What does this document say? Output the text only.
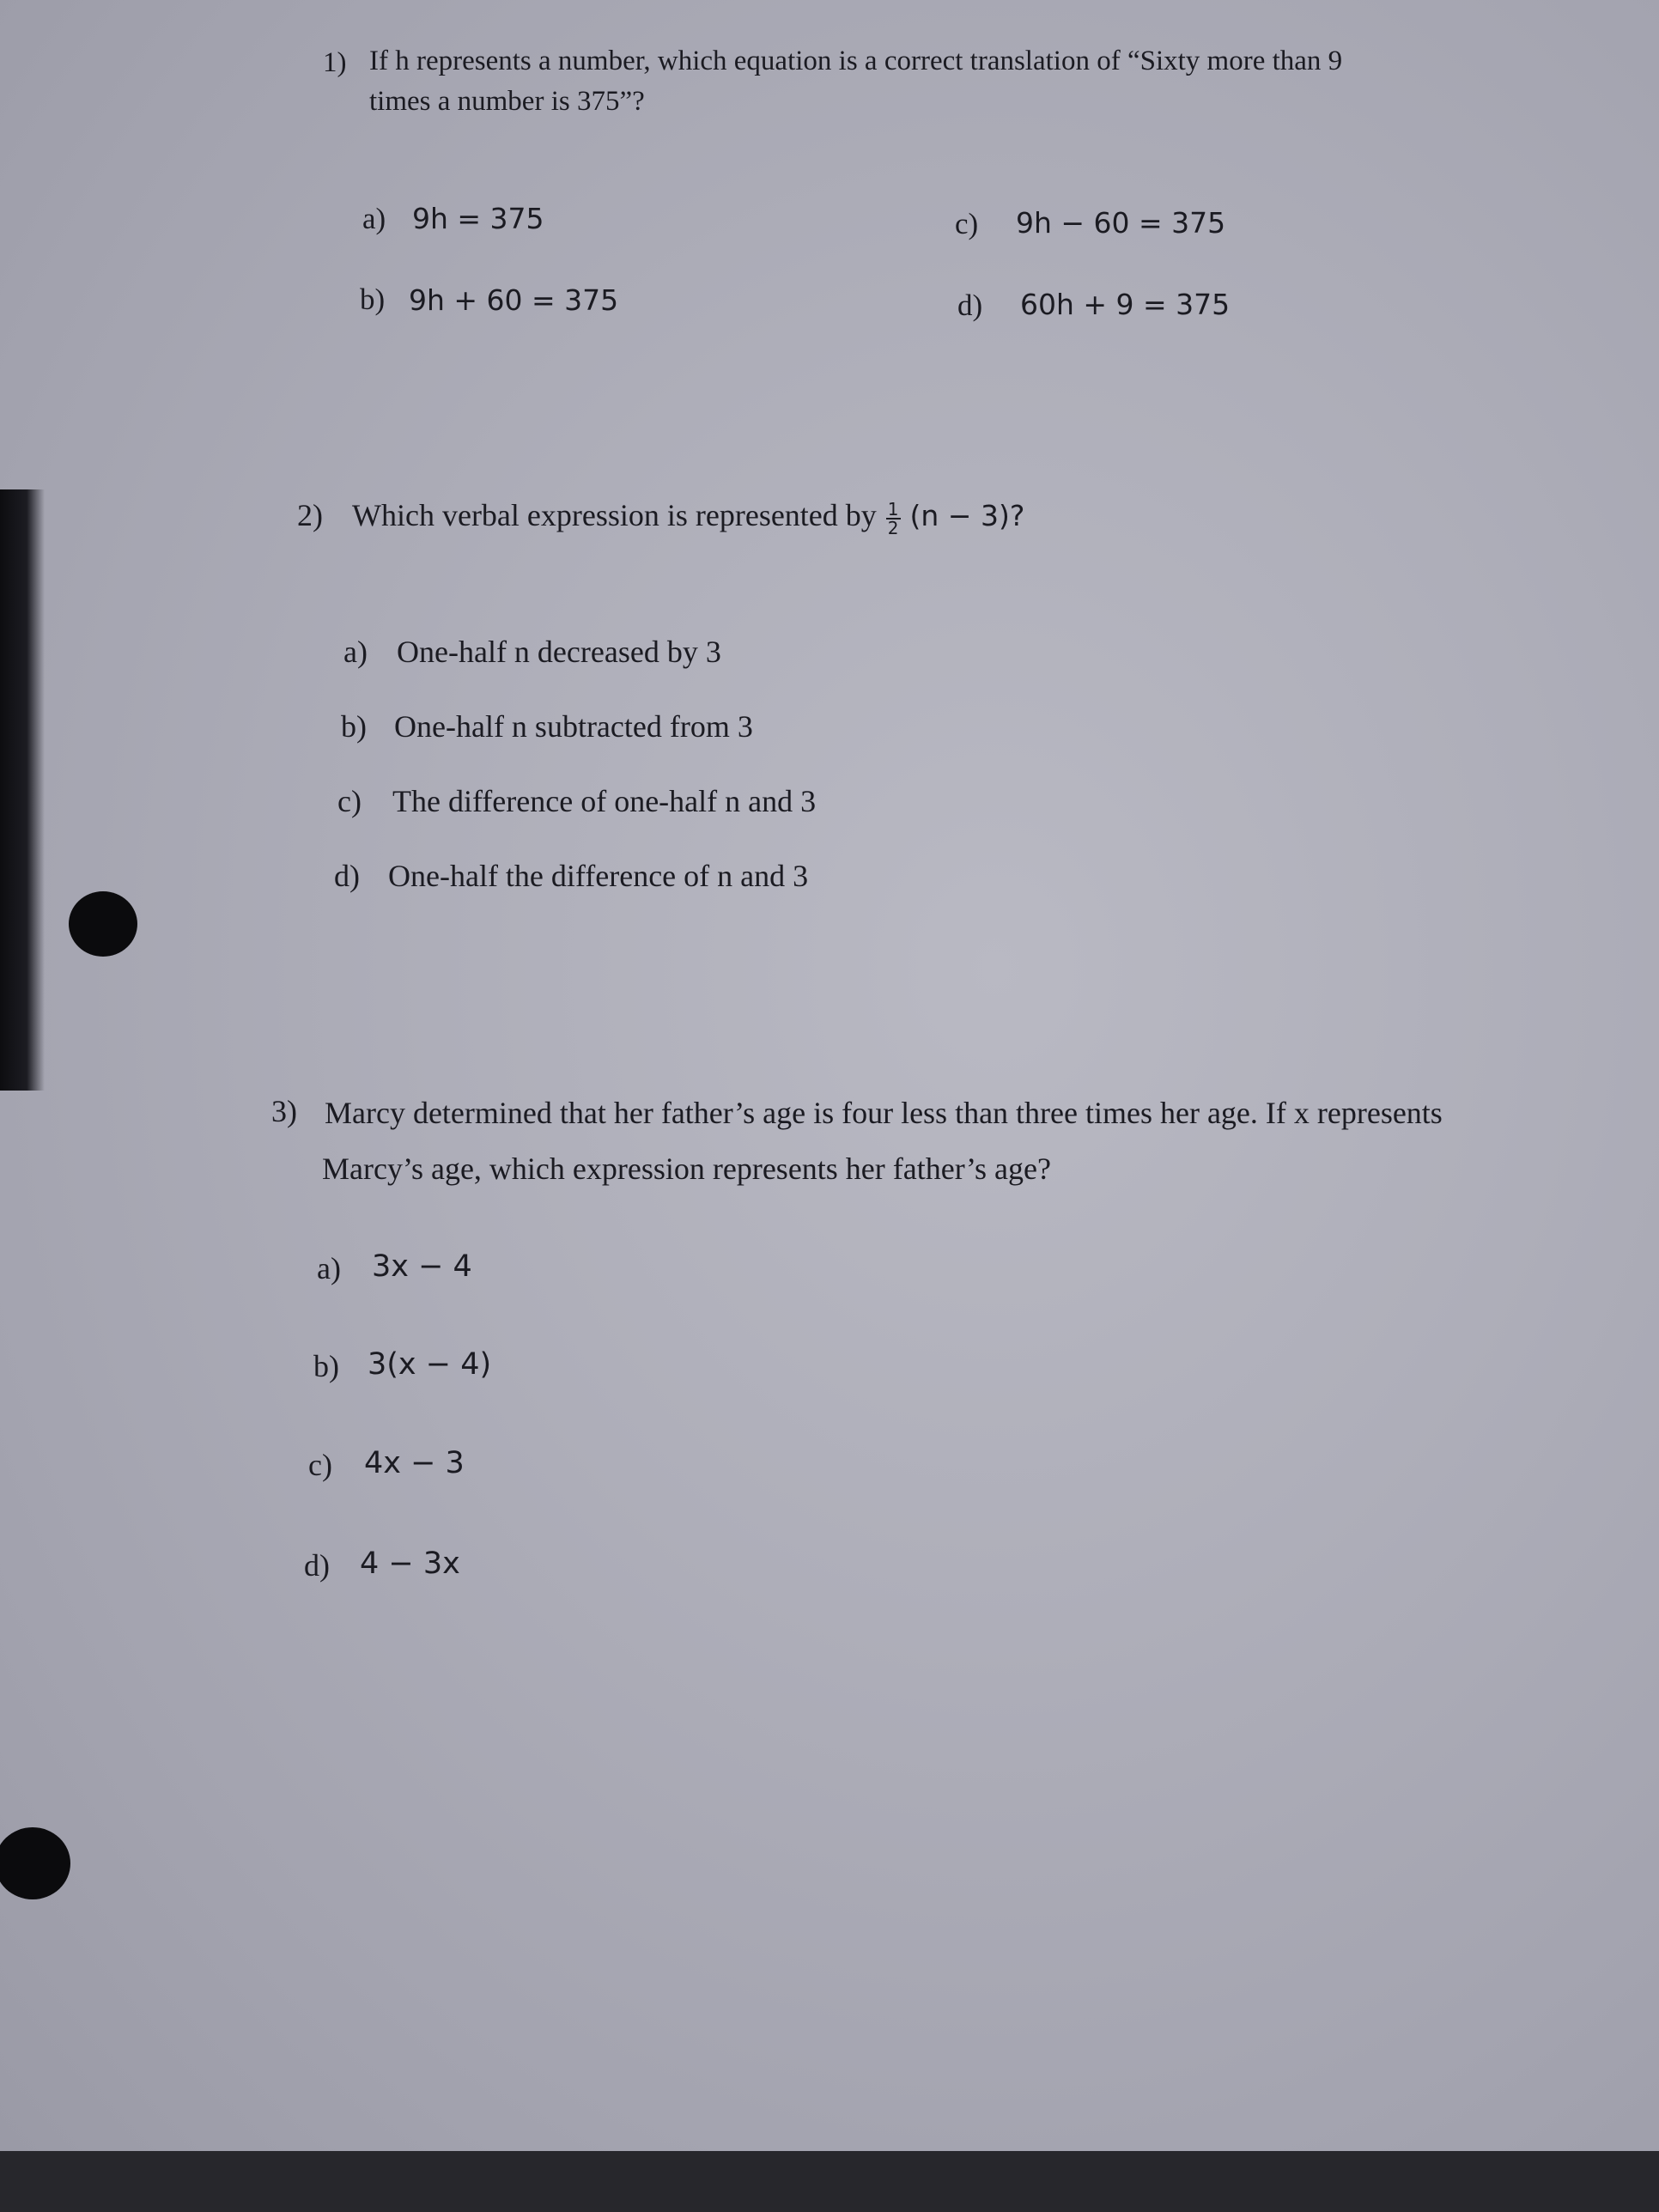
1) If h represents a number, which equation is a correct translation of “Sixty more than 9
times a number is 375”?
a) 9h = 375
b) 9h + 60 = 375
c) 9h − 60 = 375
d) 60h + 9 = 375
2) Which verbal expression is represented by $\frac{1}{2} (n - 3)$?
a) One-half n decreased by 3
b) One-half n subtracted from 3
c) The difference of one-half n and 3
d) One-half the difference of n and 3
3) Marcy determined that her father’s age is four less than three times her age. If x represents
Marcy’s age, which expression represents her father’s age?
a) 3x − 4
b) 3(x − 4)
c) 4x − 3
d) 4 − 3x
